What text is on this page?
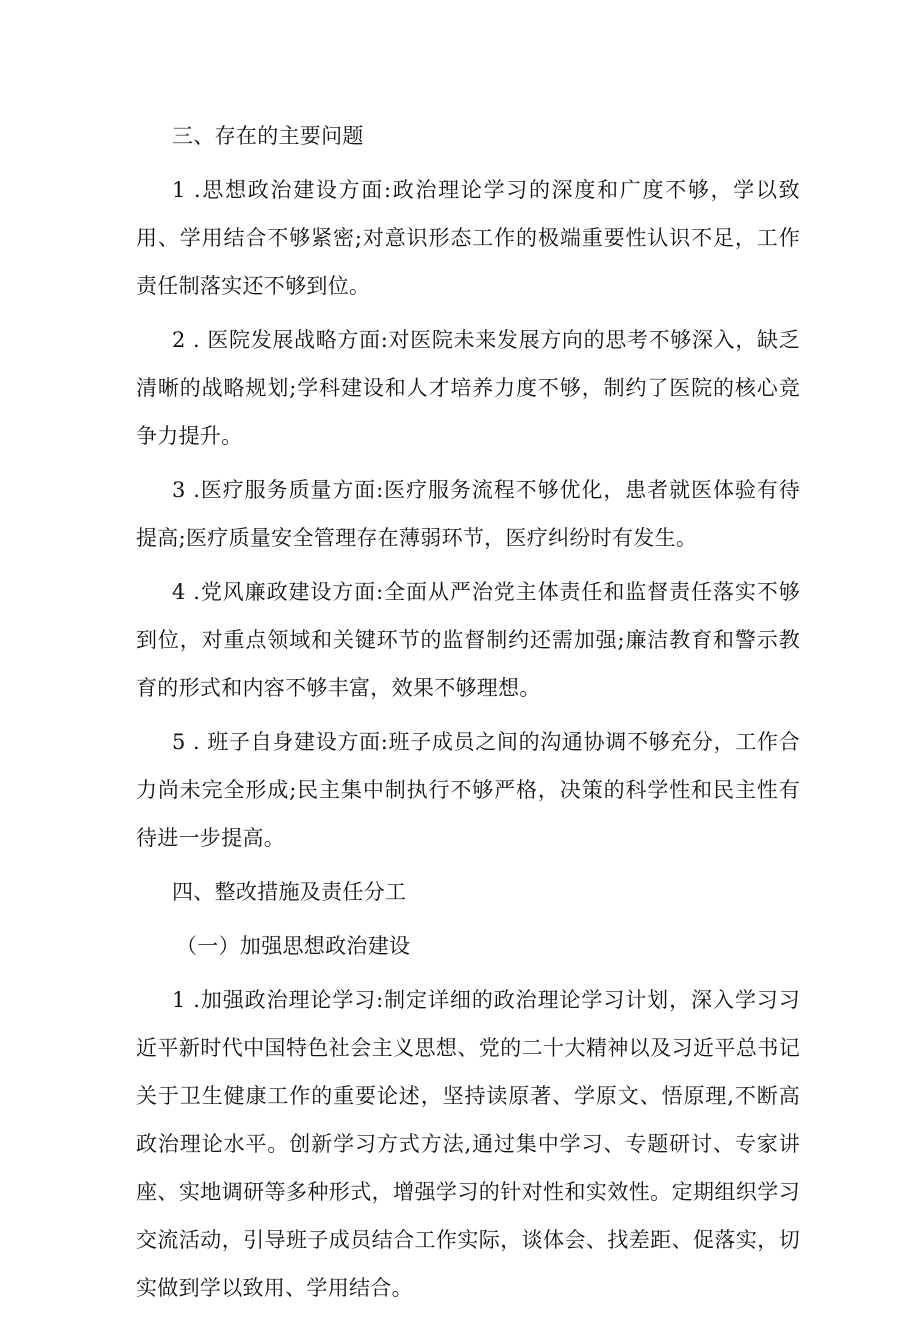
三、存在的主要问题

1 .思想政治建设方面:政治理论学习的深度和广度不够，学以致用、学用结合不够紧密;对意识形态工作的极端重要性认识不足，工作责任制落实还不够到位。

2 . 医院发展战略方面:对医院未来发展方向的思考不够深入，缺乏清晰的战略规划;学科建设和人才培养力度不够，制约了医院的核心竞争力提升。

3 .医疗服务质量方面:医疗服务流程不够优化，患者就医体验有待提高;医疗质量安全管理存在薄弱环节，医疗纠纷时有发生。

4 .党风廉政建设方面:全面从严治党主体责任和监督责任落实不够到位，对重点领域和关键环节的监督制约还需加强;廉洁教育和警示教育的形式和内容不够丰富，效果不够理想。

5 . 班子自身建设方面:班子成员之间的沟通协调不够充分，工作合力尚未完全形成;民主集中制执行不够严格，决策的科学性和民主性有待进一步提高。

四、整改措施及责任分工

（一）加强思想政治建设

1 .加强政治理论学习:制定详细的政治理论学习计划，深入学习习近平新时代中国特色社会主义思想、党的二十大精神以及习近平总书记关于卫生健康工作的重要论述，坚持读原著、学原文、悟原理,不断高政治理论水平。创新学习方式方法,通过集中学习、专题研讨、专家讲座、实地调研等多种形式，增强学习的针对性和实效性。定期组织学习交流活动，引导班子成员结合工作实际，谈体会、找差距、促落实，切实做到学以致用、学用结合。
